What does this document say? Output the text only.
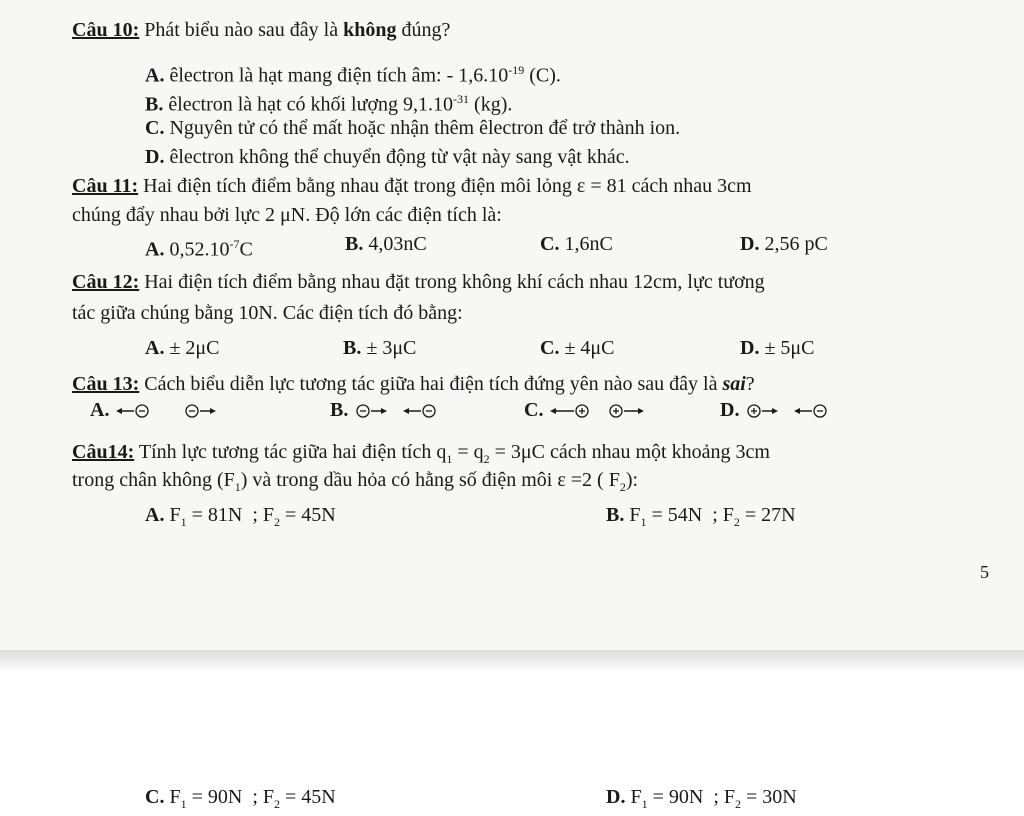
Câu 10: Phát biểu nào sau đây là không đúng?
A. êlectron là hạt mang điện tích âm: - $1,6.10^{-19}$ (C).
B. êlectron là hạt có khối lượng $9,1.10^{-31}$ (kg).
C. Nguyên tử có thể mất hoặc nhận thêm êlectron để trở thành ion.
D. êlectron không thể chuyển động từ vật này sang vật khác.
Câu 11: Hai điện tích điểm bằng nhau đặt trong điện môi lỏng ε = 81 cách nhau 3cm
chúng đẩy nhau bởi lực 2 μN. Độ lớn các điện tích là:
A. $0,52.10^{-7}C$	B. 4,03nC	C. 1,6nC	D. 2,56 pC
Câu 12: Hai điện tích điểm bằng nhau đặt trong không khí cách nhau 12cm, lực tương
tác giữa chúng bằng 10N. Các điện tích đó bằng:
A. ± 2μC	B. ± 3μC	C. ± 4μC	D. ± 5μC
Câu 13: Cách biểu diễn lực tương tác giữa hai điện tích đứng yên nào sau đây là sai?
A.	B.	C.	D.
Câu14: Tính lực tương tác giữa hai điện tích $q_1 = q_2 = 3\mu C$ cách nhau một khoảng 3cm
trong chân không $(F_1)$ và trong dầu hỏa có hằng số điện môi ε =2 ( $F_2$):
A. $F_1 = 81N$  ; $F_2 = 45N$	B. $F_1 = 54N$  ; $F_2 = 27N$
5
C. $F_1 = 90N$  ; $F_2 = 45N$	D. $F_1 = 90N$  ; $F_2 = 30N$
